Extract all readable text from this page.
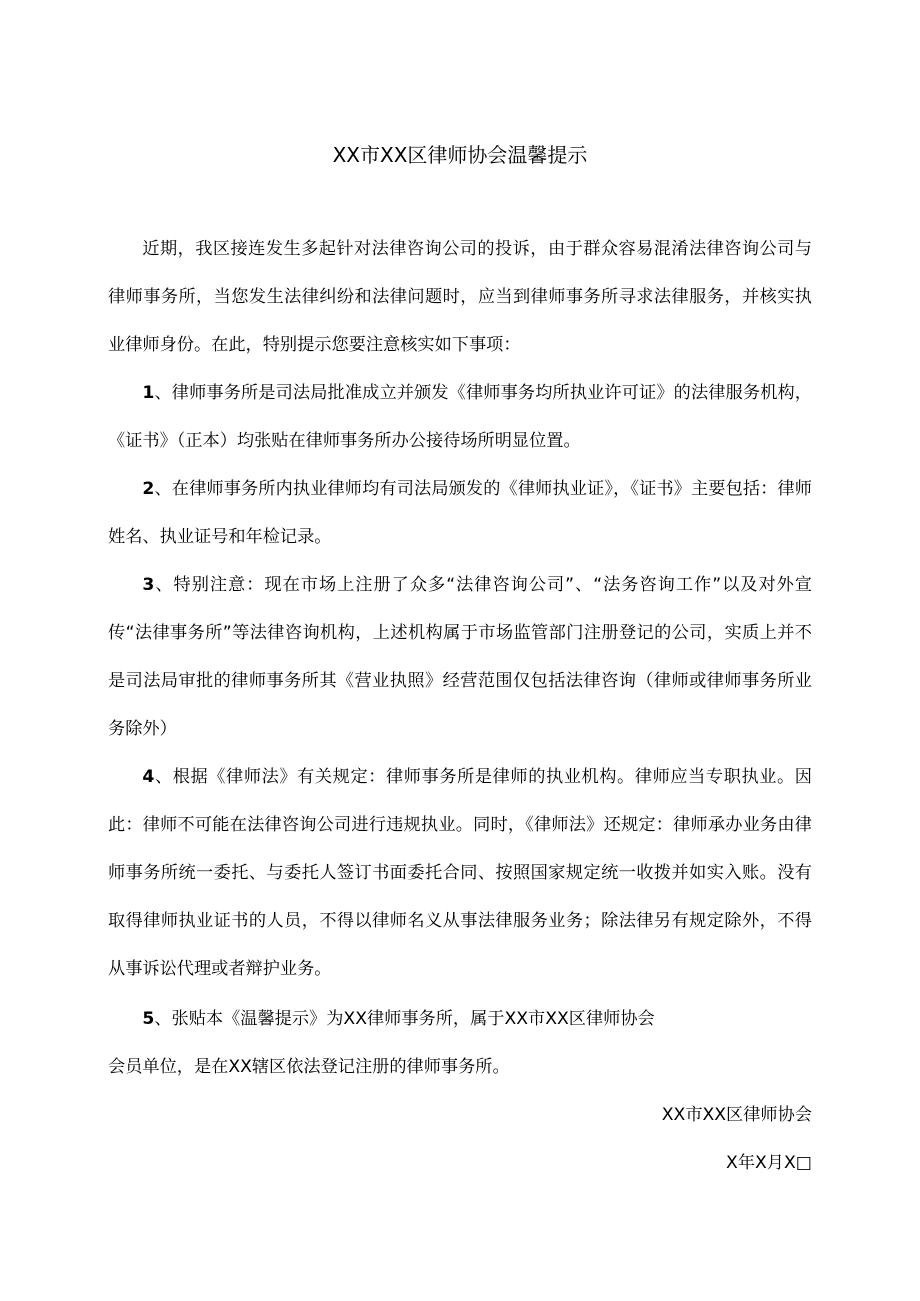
XX市XX区律师协会温馨提示

近期，我区接连发生多起针对法律咨询公司的投诉，由于群众容易混淆法律咨询公司与律师事务所，当您发生法律纠纷和法律问题时，应当到律师事务所寻求法律服务，并核实执业律师身份。在此，特别提示您要注意核实如下事项：

1、律师事务所是司法局批准成立并颁发《律师事务均所执业许可证》的法律服务机构，《证书》（正本）均张贴在律师事务所办公接待场所明显位置。

2、在律师事务所内执业律师均有司法局颁发的《律师执业证》，《证书》主要包括：律师姓名、执业证号和年检记录。

3、特别注意：现在市场上注册了众多“法律咨询公司”、“法务咨询工作”以及对外宣传“法律事务所”等法律咨询机构，上述机构属于市场监管部门注册登记的公司，实质上并不是司法局审批的律师事务所其《营业执照》经营范围仅包括法律咨询（律师或律师事务所业务除外）

4、根据《律师法》有关规定：律师事务所是律师的执业机构。律师应当专职执业。因此：律师不可能在法律咨询公司进行违规执业。同时，《律师法》还规定：律师承办业务由律师事务所统一委托、与委托人签订书面委托合同、按照国家规定统一收拨并如实入账。没有取得律师执业证书的人员，不得以律师名义从事法律服务业务；除法律另有规定除外，不得从事诉讼代理或者辩护业务。

5、张贴本《温馨提示》为XX律师事务所，属于XX市XX区律师协会

会员单位，是在XX辖区依法登记注册的律师事务所。

XX市XX区律师协会
X年X月X□
